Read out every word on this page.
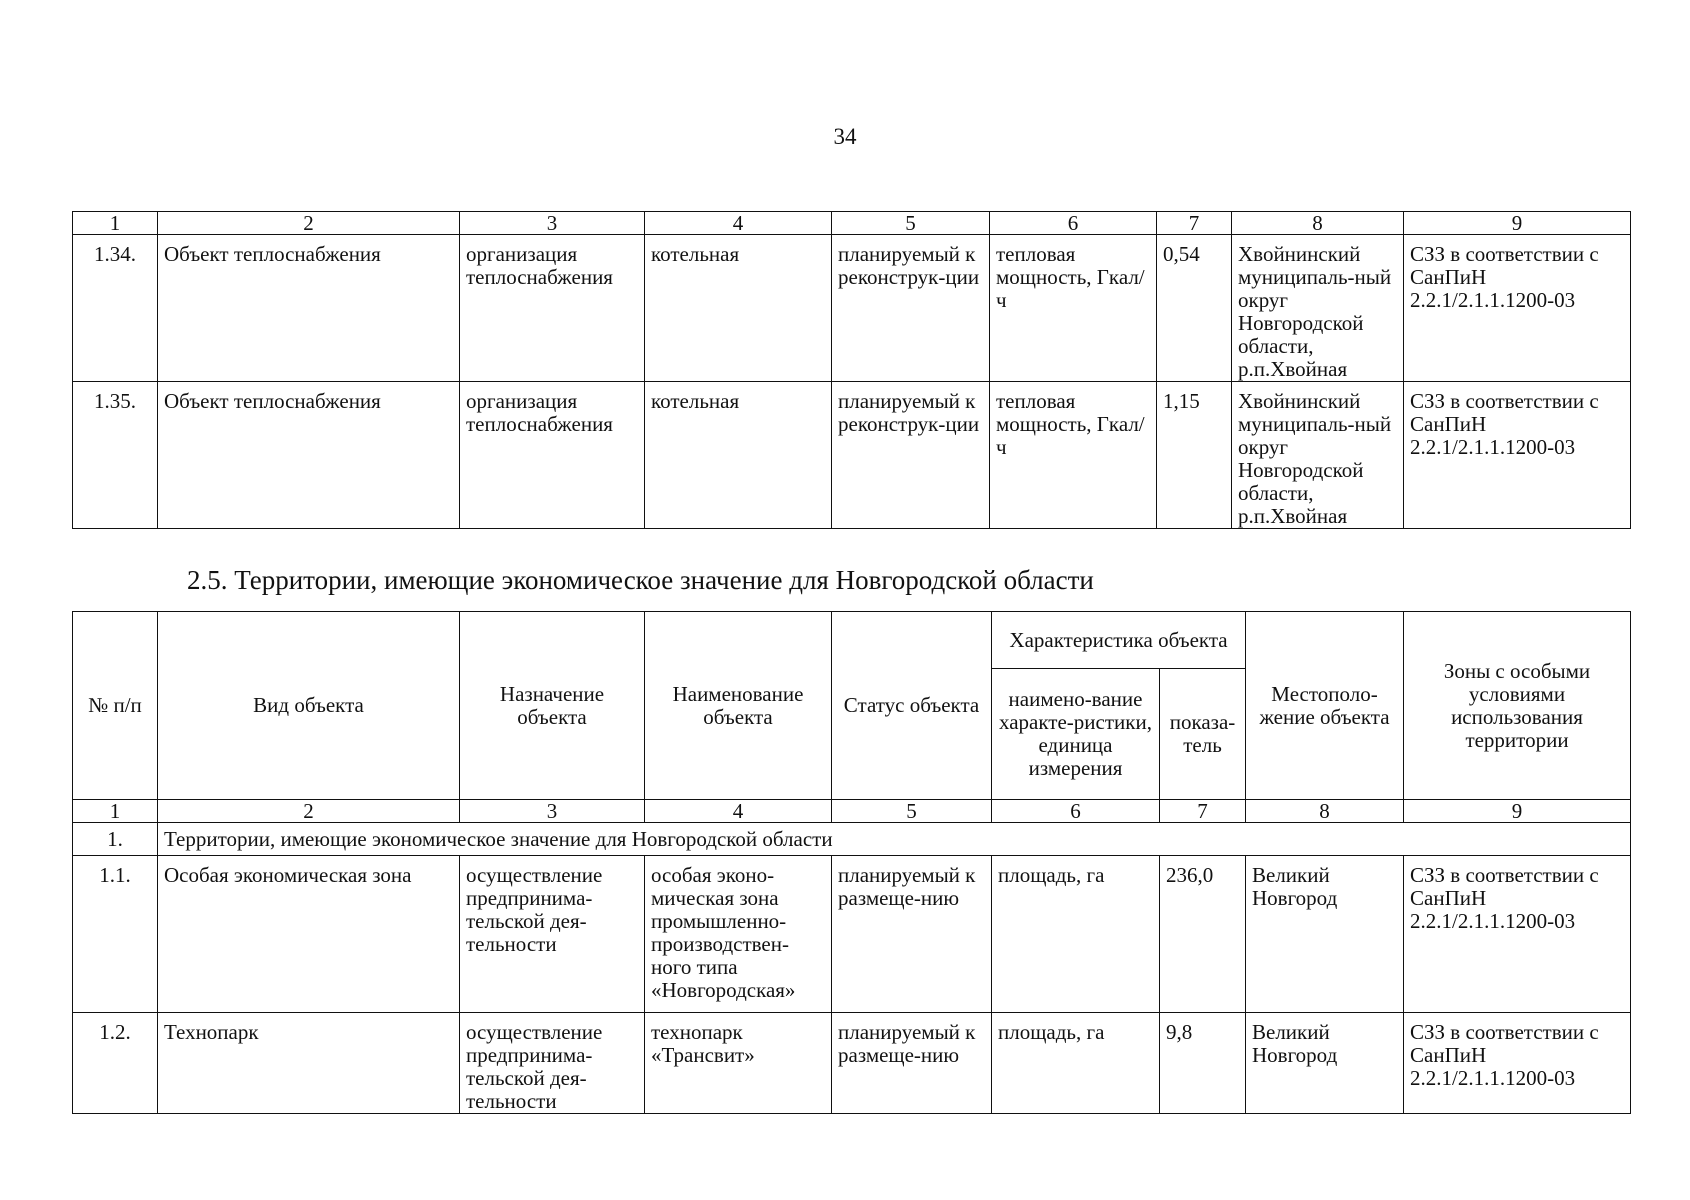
34
1	2	3	4	5	6	7	8	9
1.34.	Объект теплоснабжения	организация теплоснабжения	котельная	планируемый к реконструк-ции	тепловая мощность, Гкал/ч	0,54	Хвойнинский муниципаль-ный округ Новгородской области, р.п.Хвойная	СЗЗ в соответствии с СанПиН 2.2.1/2.1.1.1200-03
1.35.	Объект теплоснабжения	организация теплоснабжения	котельная	планируемый к реконструк-ции	тепловая мощность, Гкал/ч	1,15	Хвойнинский муниципаль-ный округ Новгородской области, р.п.Хвойная	СЗЗ в соответствии с СанПиН 2.2.1/2.1.1.1200-03
2.5. Территории, имеющие экономическое значение для Новгородской области
№ п/п	Вид объекта	Назначение объекта	Наименование объекта	Статус объекта	Характеристика объекта		Местополо-жение объекта	Зоны с особыми условиями использования территории
					наимено-вание характе-ристики, единица измерения	показа-тель		
1	2	3	4	5	6	7	8	9
1.	Территории, имеющие экономическое значение для Новгородской области							
1.1.	Особая экономическая зона	осуществление предпринима-тельской дея-тельности	особая эконо-мическая зона промышленно-производствен-ного типа «Новгородская»	планируемый к размеще-нию	площадь, га	236,0	Великий Новгород	СЗЗ в соответствии с СанПиН 2.2.1/2.1.1.1200-03
1.2.	Технопарк	осуществление предпринима-тельской дея-тельности	технопарк «Трансвит»	планируемый к размеще-нию	площадь, га	9,8	Великий Новгород	СЗЗ в соответствии с СанПиН 2.2.1/2.1.1.1200-03
